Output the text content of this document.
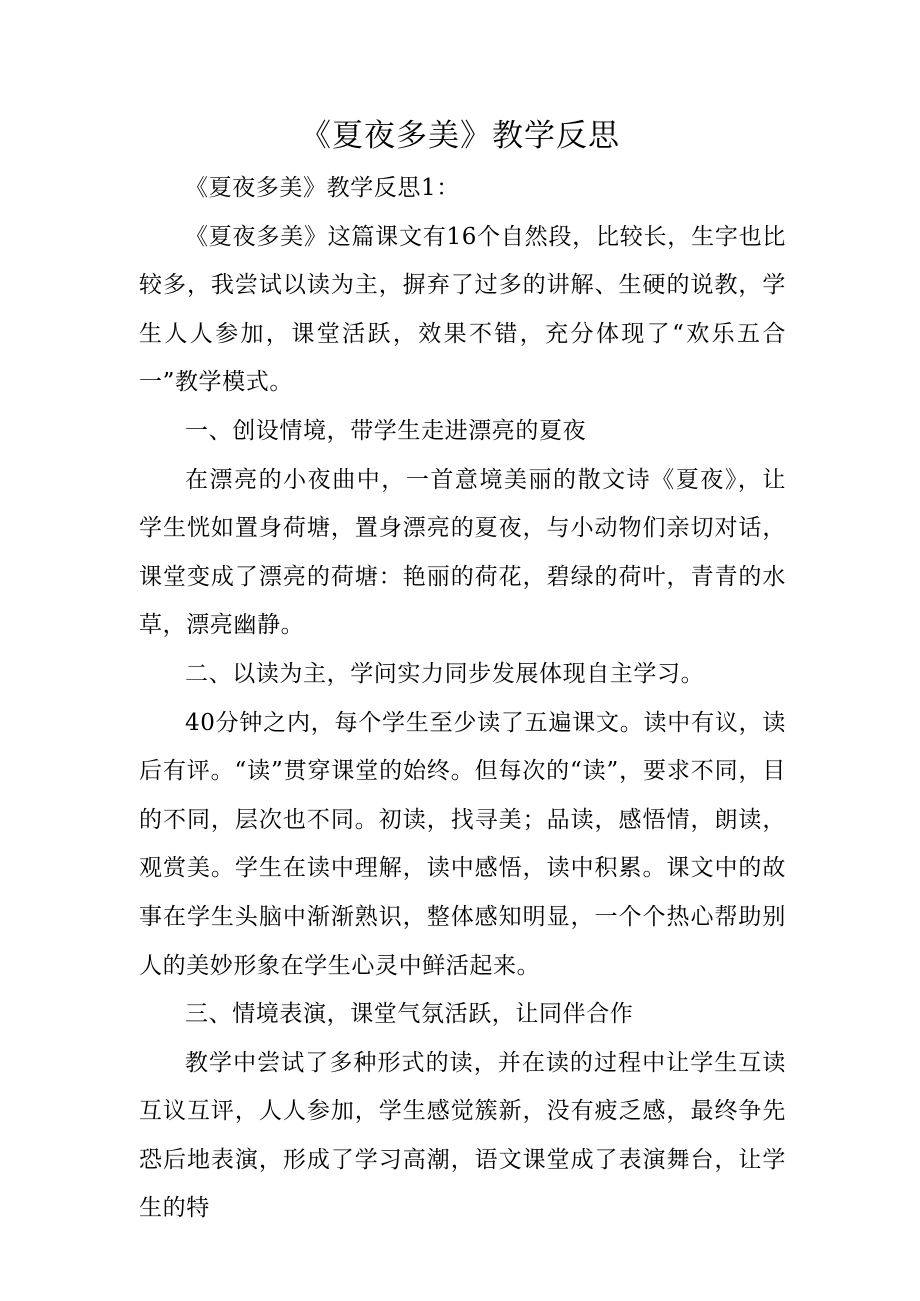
《夏夜多美》教学反思

《夏夜多美》教学反思1：

《夏夜多美》这篇课文有16个自然段，比较长，生字也比较多，我尝试以读为主，摒弃了过多的讲解、生硬的说教，学生人人参加，课堂活跃，效果不错，充分体现了“欢乐五合一”教学模式。

一、创设情境，带学生走进漂亮的夏夜

在漂亮的小夜曲中，一首意境美丽的散文诗《夏夜》，让学生恍如置身荷塘，置身漂亮的夏夜，与小动物们亲切对话，课堂变成了漂亮的荷塘：艳丽的荷花，碧绿的荷叶，青青的水草，漂亮幽静。

二、以读为主，学问实力同步发展体现自主学习。

40分钟之内，每个学生至少读了五遍课文。读中有议，读后有评。“读”贯穿课堂的始终。但每次的“读”，要求不同，目的不同，层次也不同。初读，找寻美；品读，感悟情，朗读，观赏美。学生在读中理解，读中感悟，读中积累。课文中的故事在学生头脑中渐渐熟识，整体感知明显，一个个热心帮助别人的美妙形象在学生心灵中鲜活起来。

三、情境表演，课堂气氛活跃，让同伴合作

教学中尝试了多种形式的读，并在读的过程中让学生互读互议互评，人人参加，学生感觉簇新，没有疲乏感，最终争先恐后地表演，形成了学习高潮，语文课堂成了表演舞台，让学生的特
